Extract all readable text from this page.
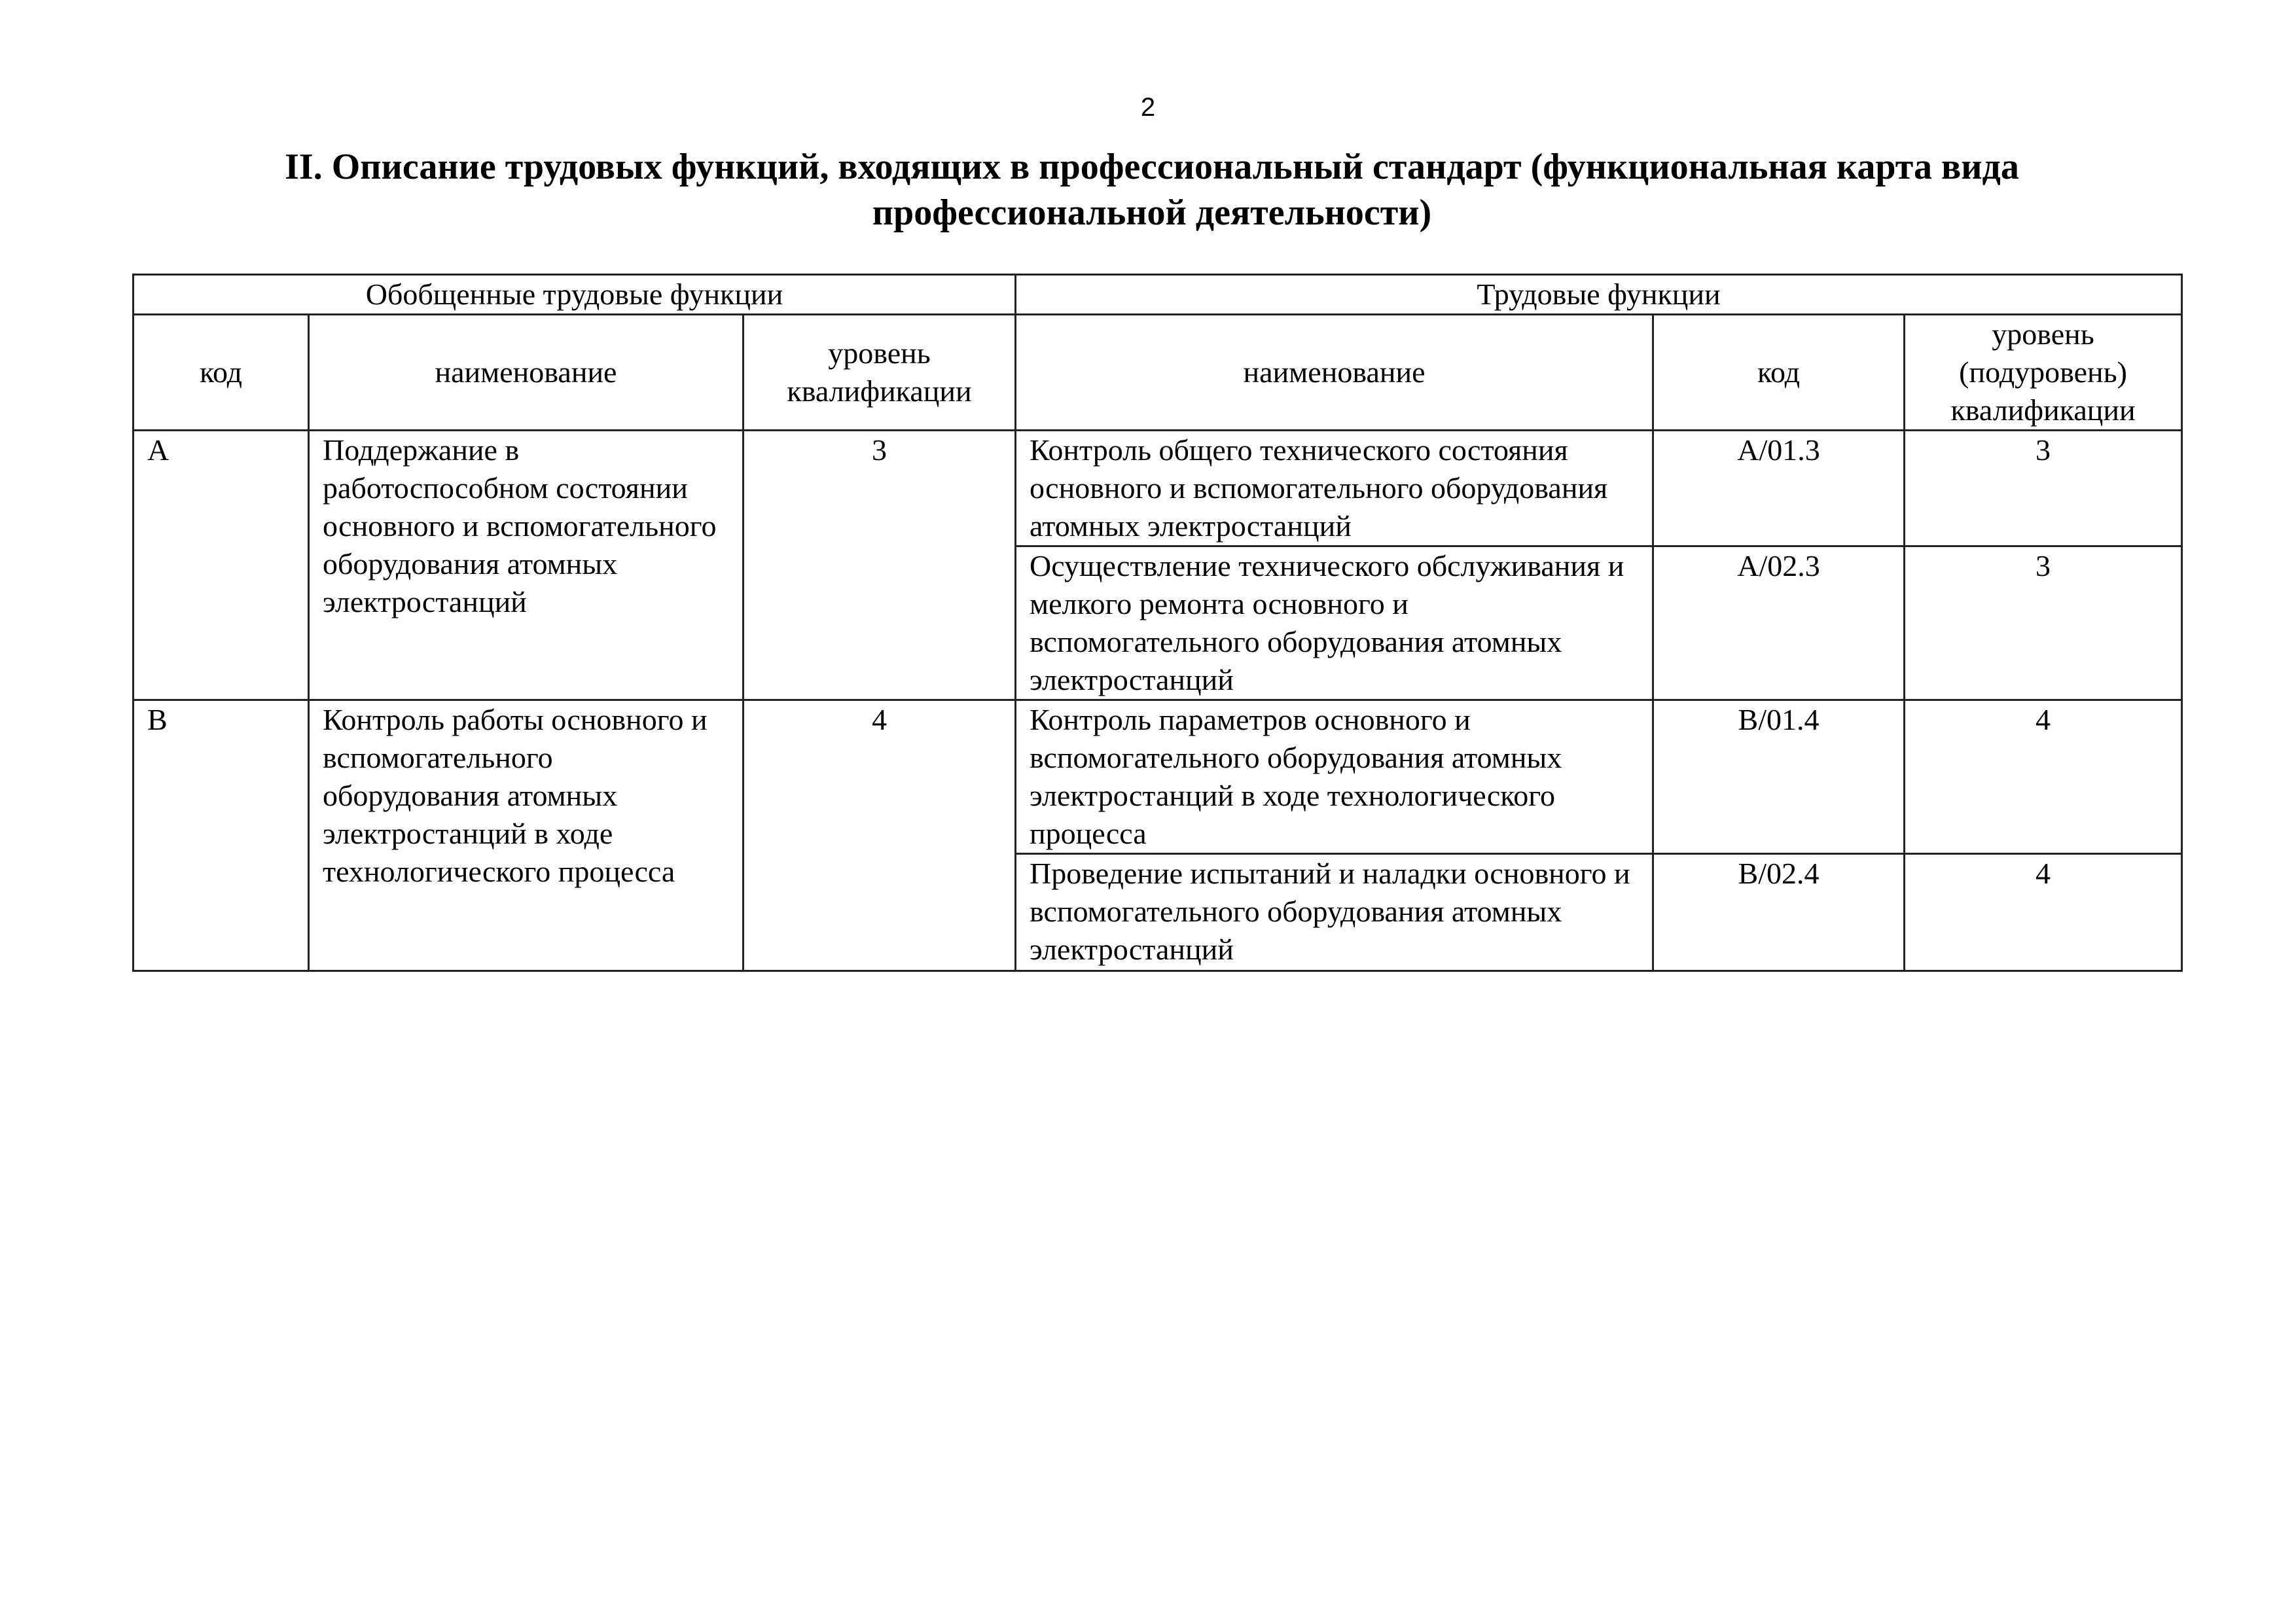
2
II. Описание трудовых функций, входящих в профессиональный стандарт (функциональная карта вида профессиональной деятельности)
Обобщенные трудовые функции			Трудовые функции		
код	наименование	уровень квалификации	наименование	код	уровень (подуровень) квалификации
A	Поддержание в работоспособном состоянии основного и вспомогательного оборудования атомных электростанций	3	Контроль общего технического состояния основного и вспомогательного оборудования атомных электростанций	A/01.3	3
			Осуществление технического обслуживания и мелкого ремонта основного и вспомогательного оборудования атомных электростанций	A/02.3	3
B	Контроль работы основного и вспомогательного оборудования атомных электростанций в ходе технологического процесса	4	Контроль параметров основного и вспомогательного оборудования атомных электростанций в ходе технологического процесса	B/01.4	4
			Проведение испытаний и наладки основного и вспомогательного оборудования атомных электростанций	B/02.4	4
